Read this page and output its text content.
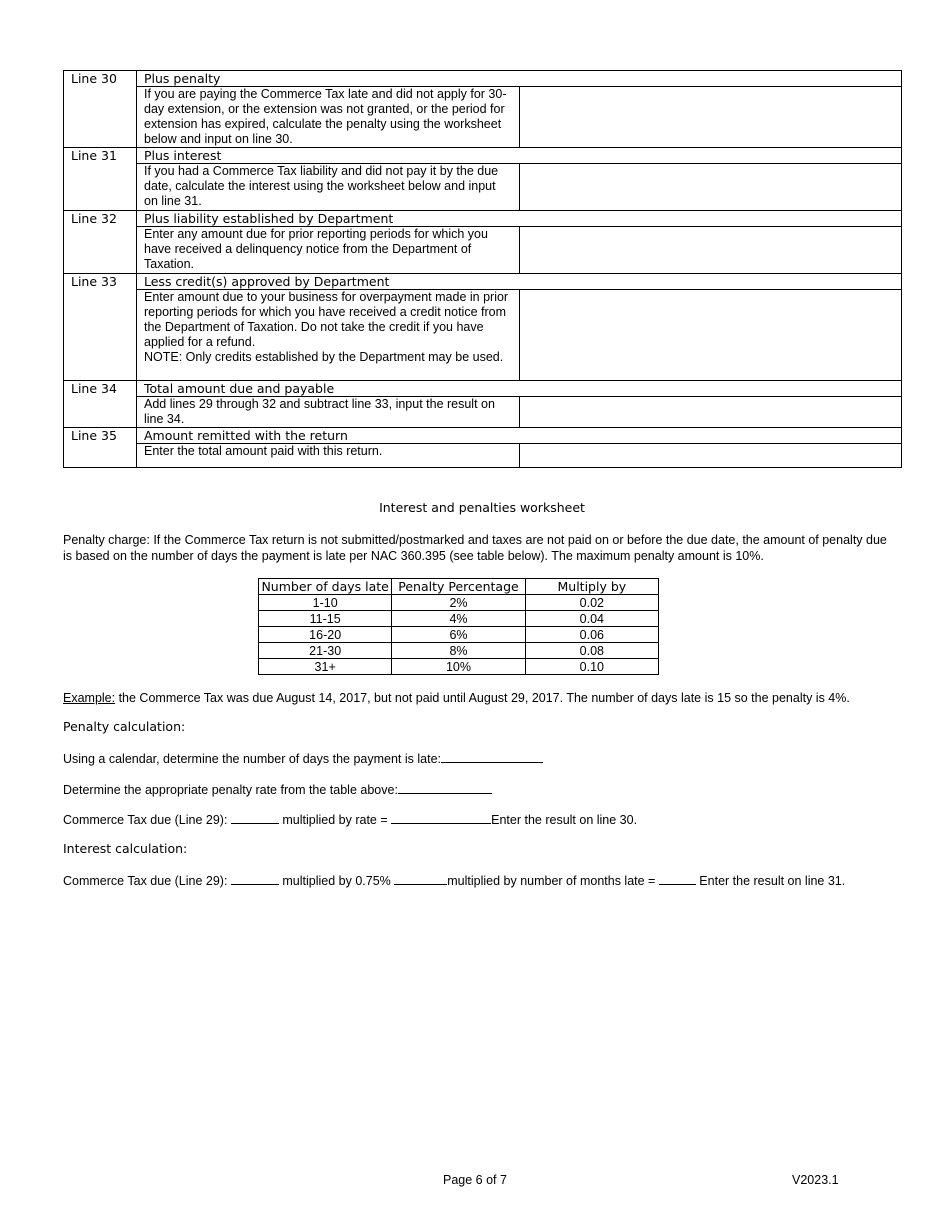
Line 30	Plus penalty	
	If you are paying the Commerce Tax late and did not apply for 30-day extension, or the extension was not granted, or the period for extension has expired, calculate the penalty using the worksheet below and input on line 30.	
Line 31	Plus interest	
	If you had a Commerce Tax liability and did not pay it by the due date, calculate the interest using the worksheet below and input on line 31.	
Line 32	Plus liability established by Department	
	Enter any amount due for prior reporting periods for which you have received a delinquency notice from the Department of Taxation.	
Line 33	Less credit(s) approved by Department	
	Enter amount due to your business for overpayment made in prior reporting periods for which you have received a credit notice from the Department of Taxation. Do not take the credit if you have applied for a refund.
NOTE: Only credits established by the Department may be used.	
Line 34	Total amount due and payable	
	Add lines 29 through 32 and subtract line 33, input the result on line 34.	
Line 35	Amount remitted with the return	
	Enter the total amount paid with this return.	
Interest and penalties worksheet
Penalty charge: If the Commerce Tax return is not submitted/postmarked and taxes are not paid on or before the due date, the amount of penalty due is based on the number of days the payment is late per NAC 360.395 (see table below). The maximum penalty amount is 10%.
Number of days late	Penalty Percentage	Multiply by
1-10	2%	0.02
11-15	4%	0.04
16-20	6%	0.06
21-30	8%	0.08
31+	10%	0.10
Example: the Commerce Tax was due August 14, 2017, but not paid until August 29, 2017. The number of days late is 15 so the penalty is 4%.
Penalty calculation:
Using a calendar, determine the number of days the payment is late:
Determine the appropriate penalty rate from the table above:
Commerce Tax due (Line 29):	multiplied by rate =	Enter the result on line 30.
Interest calculation:
Commerce Tax due (Line 29):	multiplied by 0.75%	multiplied by number of months late =	Enter the result on line 31.
Page 6 of 7	V2023.1
